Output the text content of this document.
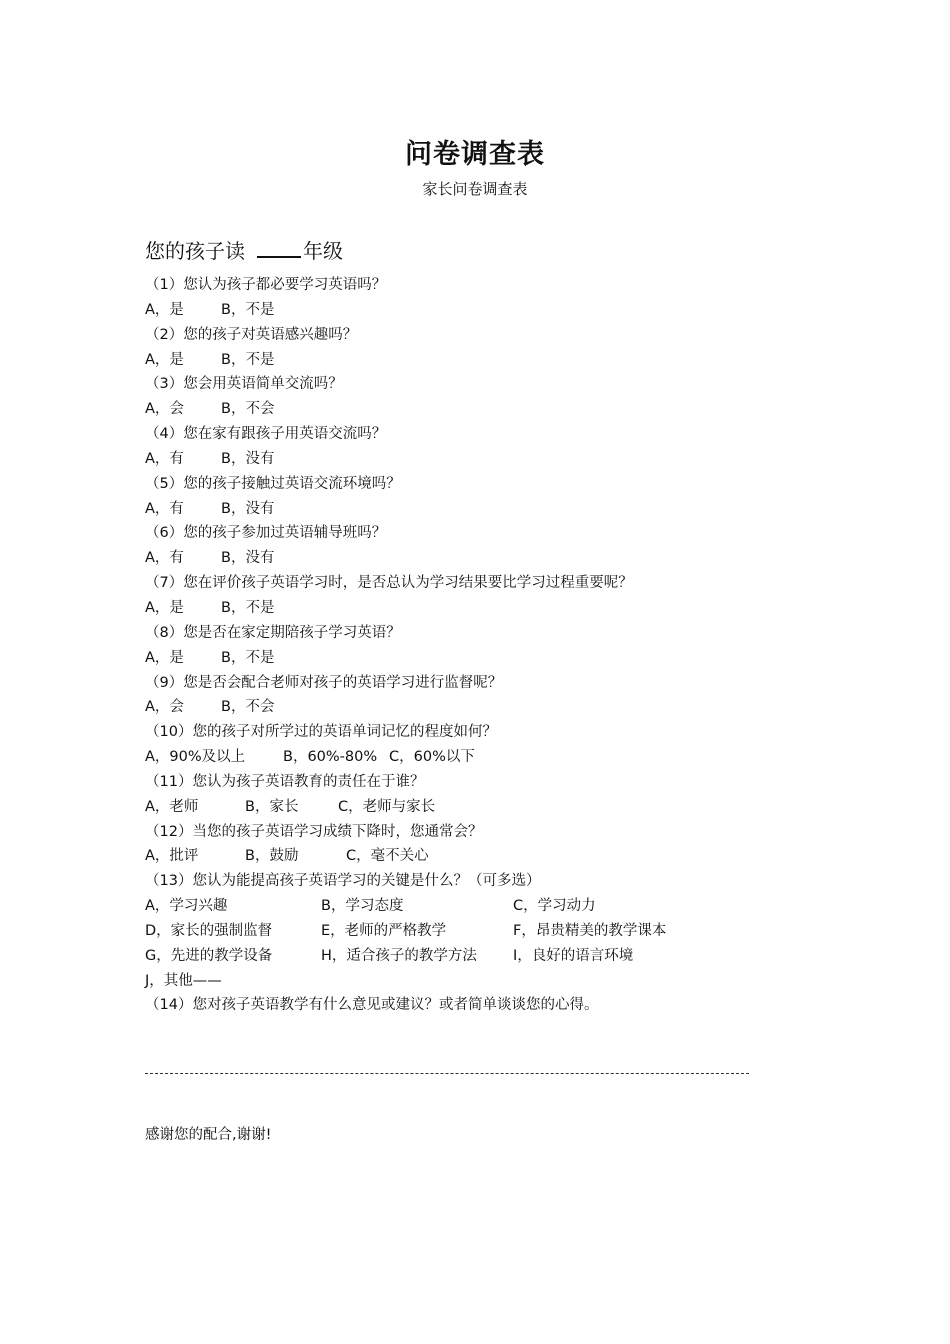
问卷调查表
家长问卷调查表
您的孩子读	年级
（1）您认为孩子都必要学习英语吗？
A，是	B，不是
（2）您的孩子对英语感兴趣吗？
A，是	B，不是
（3）您会用英语简单交流吗？
A，会	B，不会
（4）您在家有跟孩子用英语交流吗？
A，有	B，没有
（5）您的孩子接触过英语交流环境吗？
A，有	B，没有
（6）您的孩子参加过英语辅导班吗？
A，有	B，没有
（7）您在评价孩子英语学习时，是否总认为学习结果要比学习过程重要呢？
A，是	B，不是
（8）您是否在家定期陪孩子学习英语？
A，是	B，不是
（9）您是否会配合老师对孩子的英语学习进行监督呢？
A，会	B，不会
（10）您的孩子对所学过的英语单词记忆的程度如何？
A，90%及以上	B，60%-80% C，60%以下
（11）您认为孩子英语教育的责任在于谁？
A，老师	B，家长	C，老师与家长
（12）当您的孩子英语学习成绩下降时，您通常会？
A，批评	B，鼓励	C，毫不关心
（13）您认为能提高孩子英语学习的关键是什么？（可多选）
A，学习兴趣	B，学习态度	C，学习动力
D，家长的强制监督	E，老师的严格教学	F，昂贵精美的教学课本
G，先进的教学设备	H，适合孩子的教学方法 I，良好的语言环境
J，其他——
（14）您对孩子英语教学有什么意见或建议？或者简单谈谈您的心得。
感谢您的配合,谢谢!
